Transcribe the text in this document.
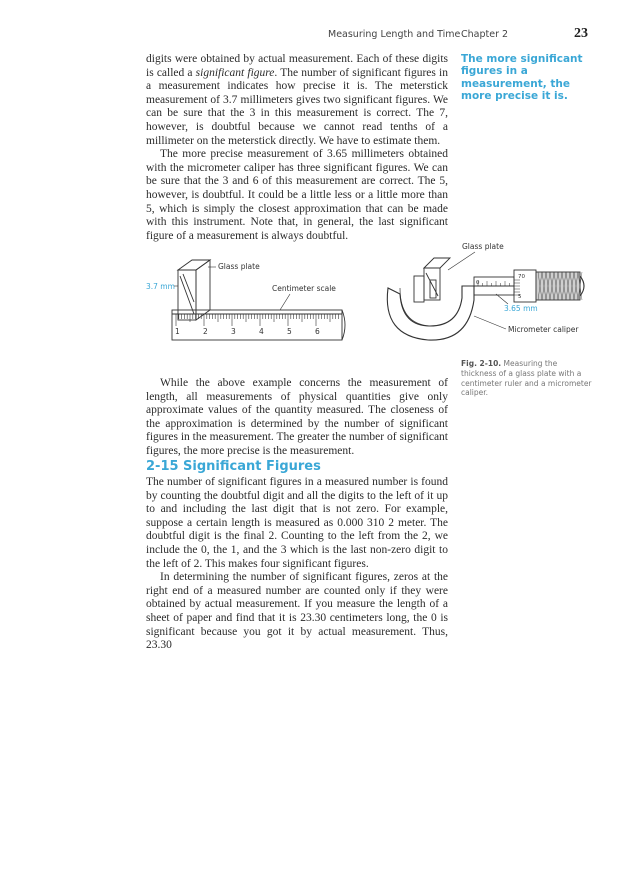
Measuring Length and Time Chapter 2	23

digits were obtained by actual measurement. Each of these digits is called a significant figure. The number of significant figures in a measurement indicates how precise it is. The meterstick measurement of 3.7 millimeters gives two significant figures. We can be sure that the 3 in this measurement is correct. The 7, however, is doubtful because we cannot read tenths of a millimeter on the meterstick directly. We have to estimate them.

The more precise measurement of 3.65 millimeters obtained with the micrometer caliper has three significant figures. We can be sure that the 3 and 6 of this measurement are correct. The 5, however, is doubtful. It could be a little less or a little more than 5, which is simply the closest approximation that can be made with this instrument. Note that, in general, the last significant figure of a measurement is always doubtful.

The more significant figures in a measurement, the more precise it is.
Glass plate
3.7 mm	Centimeter scale
1	2	3	4	5	6
Glass plate
0
70
5
3.65 mm
Micrometer caliper
Fig. 2-10. Measuring the thickness of a glass plate with a centimeter ruler and a micrometer caliper.

While the above example concerns the measurement of length, all measurements of physical quantities give only approximate values of the quantity measured. The closeness of the approximation is determined by the number of significant figures in the measurement. The greater the number of significant figures, the more precise is the measurement.

2-15 Significant Figures

The number of significant figures in a measured number is found by counting the doubtful digit and all the digits to the left of it up to and including the last digit that is not zero. For example, suppose a certain length is measured as 0.000 310 2 meter. The doubtful digit is the final 2. Counting to the left from the 2, we include the 0, the 1, and the 3 which is the last non-zero digit to the left of 2. This makes four significant figures.

In determining the number of significant figures, zeros at the right end of a measured number are counted only if they were obtained by actual measurement. If you measure the length of a sheet of paper and find that it is 23.30 centimeters long, the 0 is significant because you got it by actual measurement. Thus, 23.30
